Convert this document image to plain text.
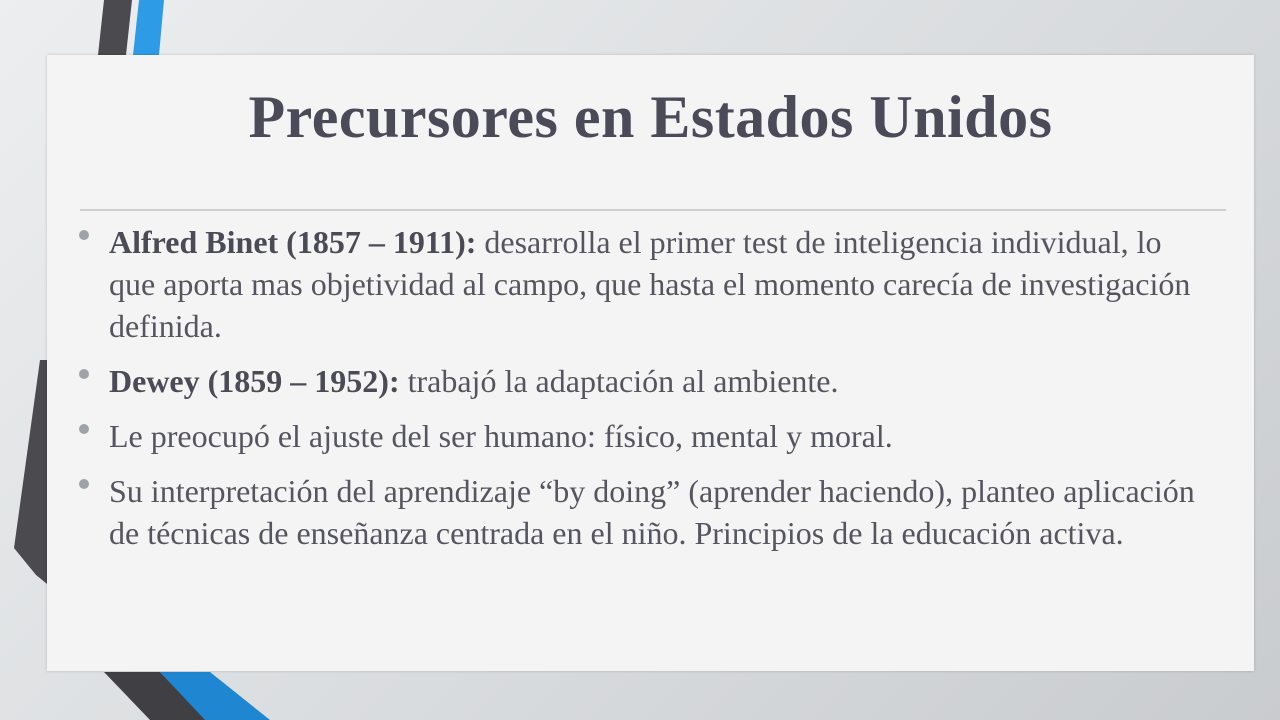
Precursores en Estados Unidos
Alfred Binet (1857 – 1911): desarrolla el primer test de inteligencia individual, lo que aporta mas objetividad al campo, que hasta el momento carecía de investigación definida.
Dewey (1859 – 1952): trabajó la adaptación al ambiente.
Le preocupó el ajuste del ser humano: físico, mental y moral.
Su interpretación del aprendizaje “by doing” (aprender haciendo), planteo aplicación de técnicas de enseñanza centrada en el niño. Principios de la educación activa.
